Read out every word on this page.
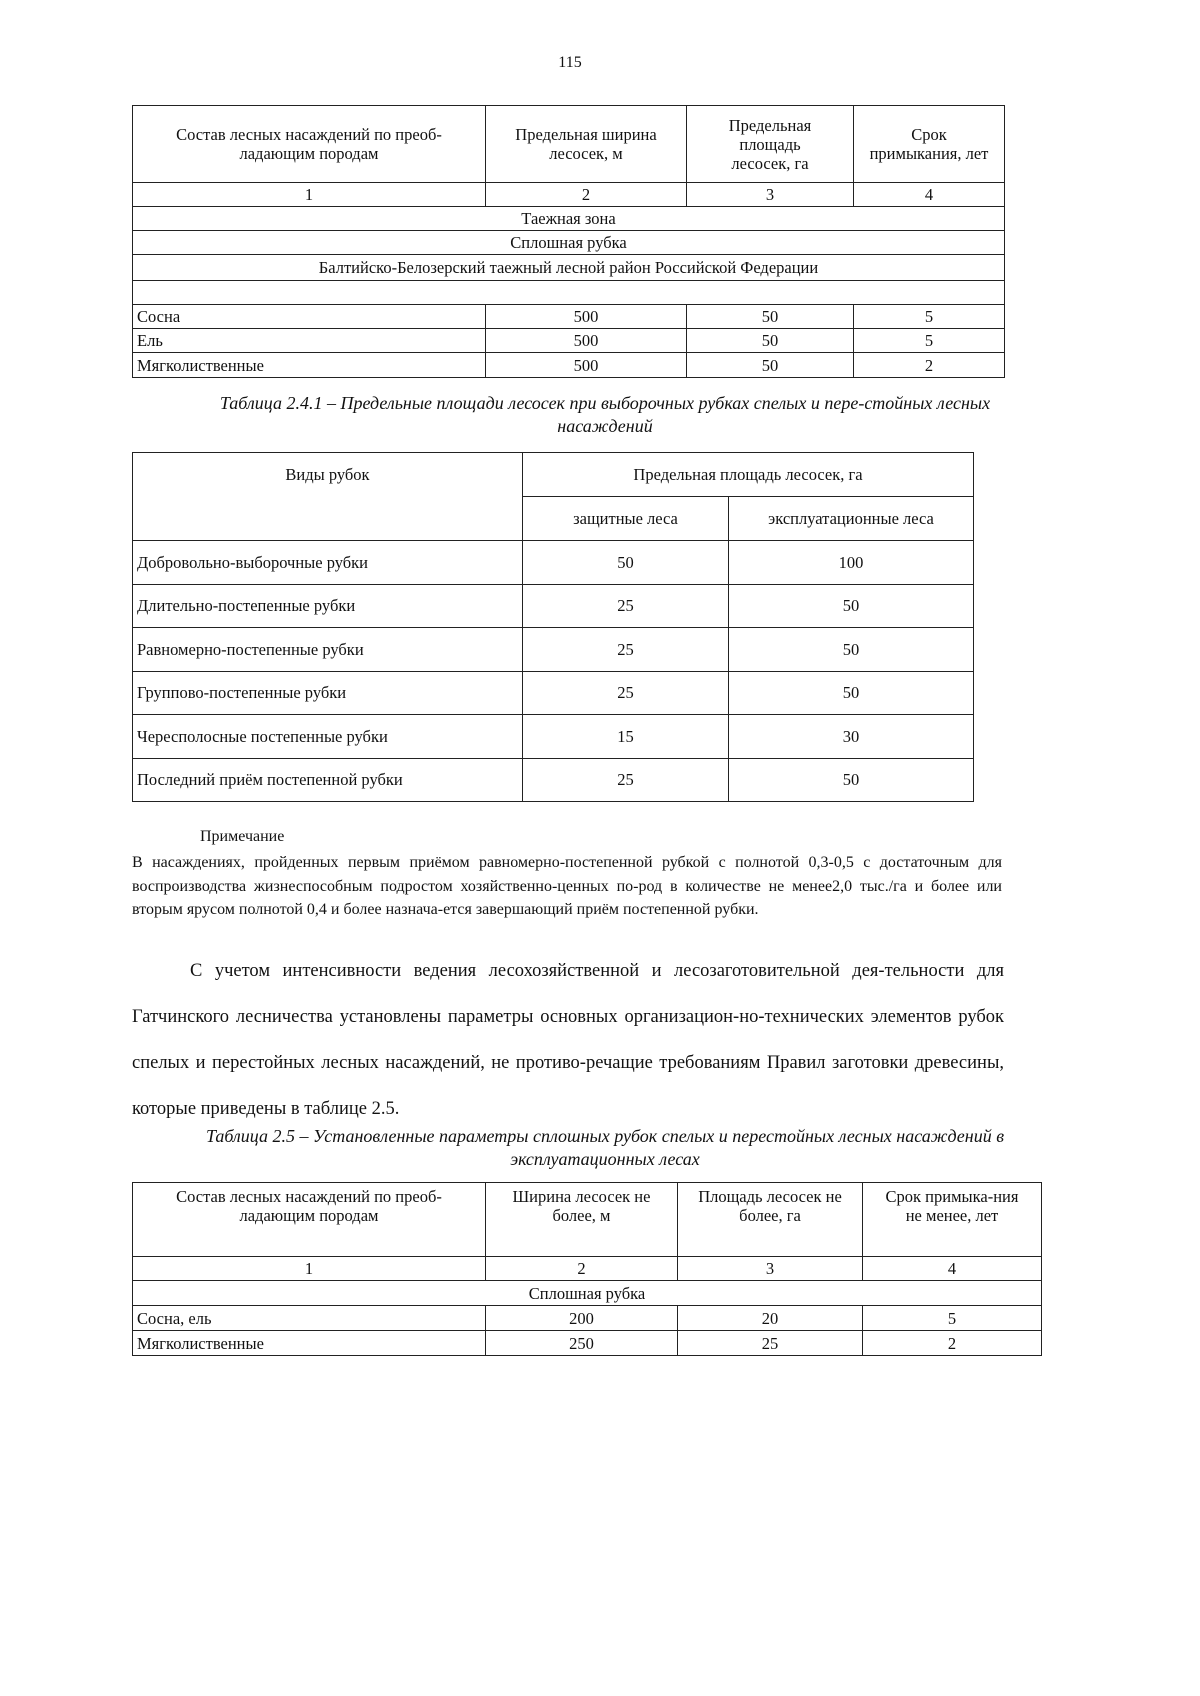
115
Состав лесных насаждений по преоб-ладающим породам	Предельная ширина лесосек, м	Предельная площадь лесосек, га	Срок примыкания, лет
1	2	3	4
Таежная зона			
Сплошная рубка			
Балтийско-Белозерский таежный лесной район Российской Федерации			

Сосна	500	50	5
Ель	500	50	5
Мягколиственные	500	50	2
Таблица 2.4.1 – Предельные площади лесосек при выборочных рубках спелых и пере-стойных лесных насаждений
Виды рубок	Предельная площадь лесосек, га	
	защитные леса	эксплуатационные леса
Добровольно-выборочные рубки	50	100
Длительно-постепенные рубки	25	50
Равномерно-постепенные рубки	25	50
Группово-постепенные рубки	25	50
Чересполосные постепенные рубки	15	30
Последний приём постепенной рубки	25	50
Примечание
В насаждениях, пройденных первым приёмом равномерно-постепенной рубкой с полнотой 0,3-0,5 с достаточным для воспроизводства жизнеспособным подростом хозяйственно-ценных по-род в количестве не менее2,0 тыс./га и более или вторым ярусом полнотой 0,4 и более назнача-ется завершающий приём постепенной рубки.
С учетом интенсивности ведения лесохозяйственной и лесозаготовительной дея-тельности для Гатчинского лесничества установлены параметры основных организацион-но-технических элементов рубок спелых и перестойных лесных насаждений, не противо-речащие требованиям Правил заготовки древесины, которые приведены в таблице 2.5.
Таблица 2.5 – Установленные параметры сплошных рубок спелых и перестойных лесных насаждений в эксплуатационных лесах
Состав лесных насаждений по преоб-ладающим породам	Ширина лесосек не более, м	Площадь лесосек не более, га	Срок примыка-ния не менее, лет
1	2	3	4
Сплошная рубка			
Сосна, ель	200	20	5
Мягколиственные	250	25	2
